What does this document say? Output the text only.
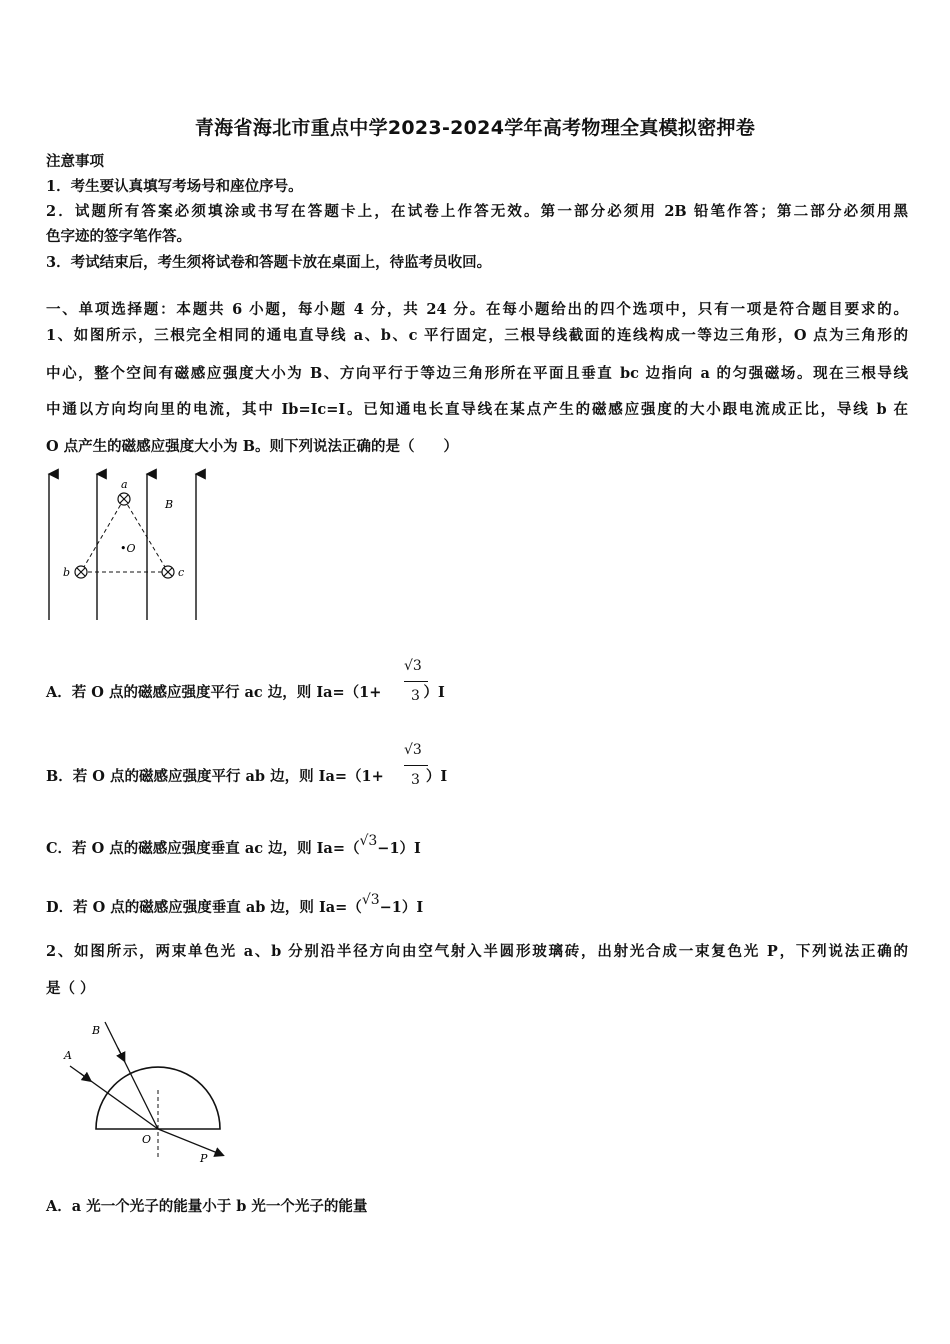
青海省海北市重点中学2023-2024学年高考物理全真模拟密押卷
注意事项
1．考生要认真填写考场号和座位序号。
2．试题所有答案必须填涂或书写在答题卡上，在试卷上作答无效。第一部分必须用 2B 铅笔作答；第二部分必须用黑
色字迹的签字笔作答。
3．考试结束后，考生须将试卷和答题卡放在桌面上，待监考员收回。
一、单项选择题：本题共 6 小题，每小题 4 分，共 24 分。在每小题给出的四个选项中，只有一项是符合题目要求的。
1、如图所示，三根完全相同的通电直导线 a、b、c 平行固定，三根导线截面的连线构成一等边三角形，O 点为三角形的
中心，整个空间有磁感应强度大小为 B、方向平行于等边三角形所在平面且垂直 bc 边指向 a 的匀强磁场。现在三根导线
中通以方向均向里的电流，其中 Ib=Ic=I。已知通电长直导线在某点产生的磁感应强度的大小跟电流成正比，导线 b 在
O 点产生的磁感应强度大小为 B。则下列说法正确的是（　　）
a
b	c
•O
B
A．若 O 点的磁感应强度平行 ac 边，则 Ia=（1+	）I
√3
3
B．若 O 点的磁感应强度平行 ab 边，则 Ia=（1+	）I
√3
3
C．若 O 点的磁感应强度垂直 ac 边，则 Ia=（√3−1）I
D．若 O 点的磁感应强度垂直 ab 边，则 Ia=（√3−1）I
2、如图所示，两束单色光 a、b 分别沿半径方向由空气射入半圆形玻璃砖，出射光合成一束复色光 P，下列说法正确的
是（ ）
B
A
O
P
A．a 光一个光子的能量小于 b 光一个光子的能量
